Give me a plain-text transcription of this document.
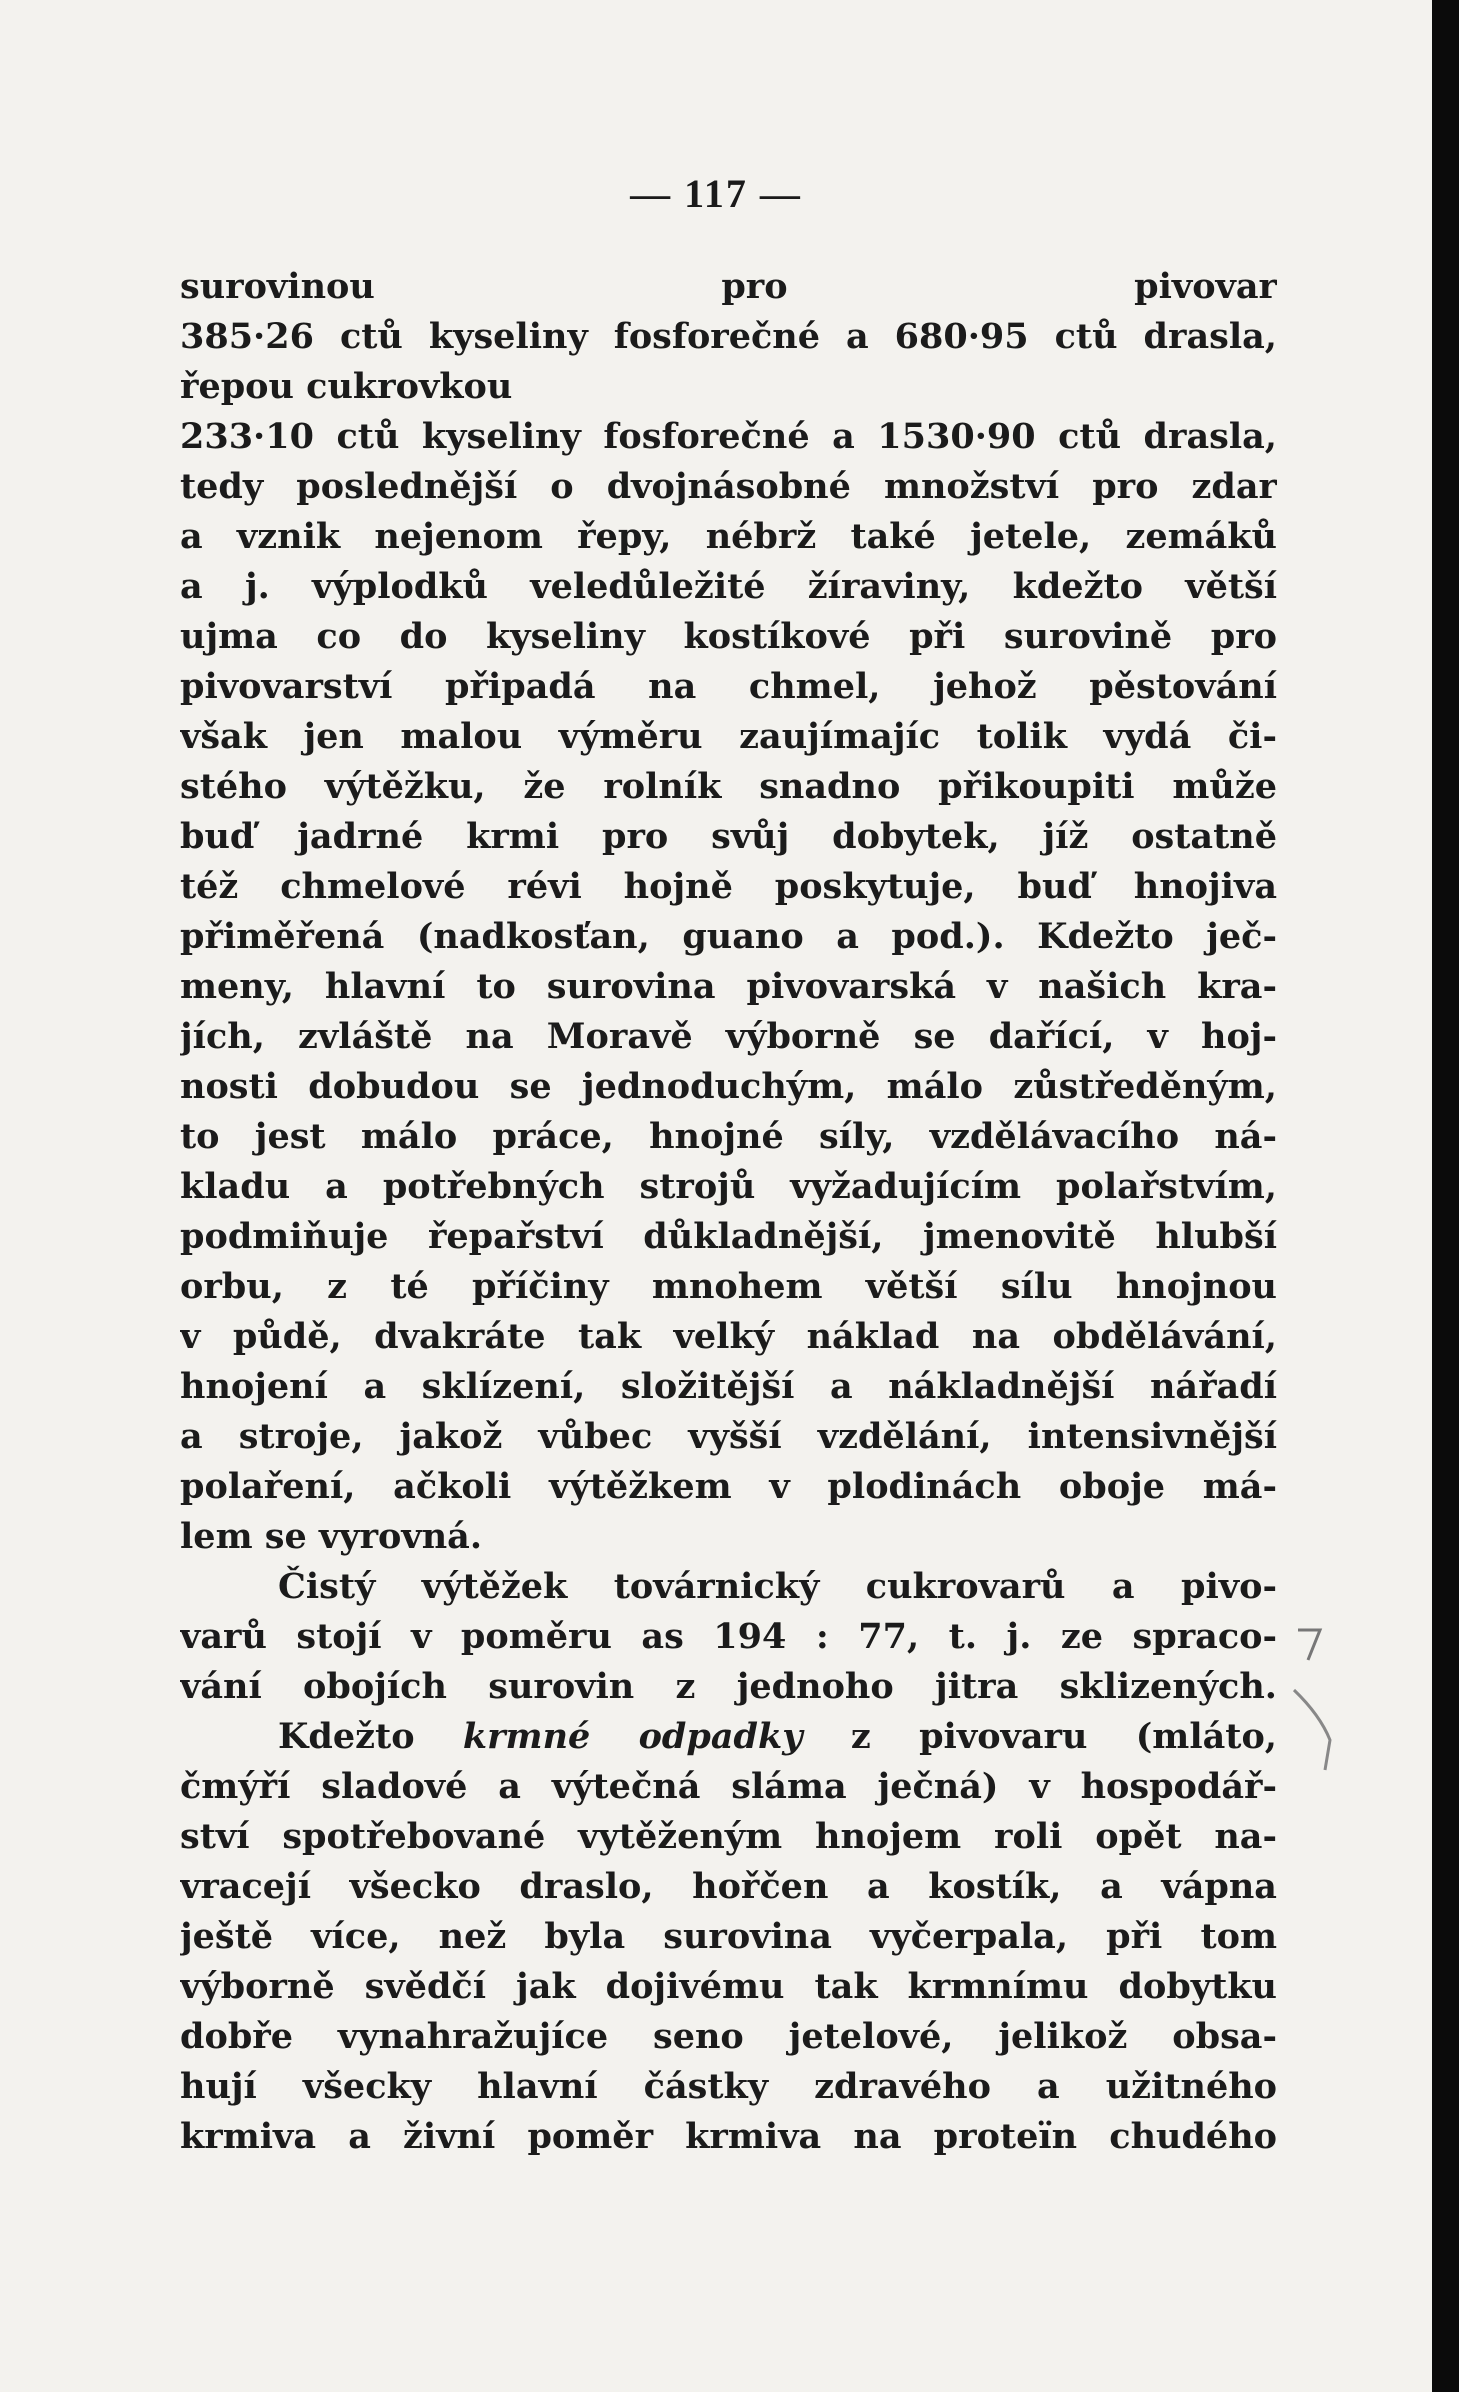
— 117 —
surovinou pro pivovar
385·26 ctů kyseliny fosforečné a 680·95 ctů drasla,
řepou cukrovkou
233·10 ctů kyseliny fosforečné a 1530·90 ctů drasla,
tedy poslednější o dvojnásobné množství pro zdar
a vznik nejenom řepy, nébrž také jetele, zemáků
a j. výplodků veledůležité žíraviny, kdežto větší
ujma co do kyseliny kostíkové při surovině pro
pivovarství připadá na chmel, jehož pěstování
však jen malou výměru zaujímajíc tolik vydá či-
stého výtěžku, že rolník snadno přikoupiti může
buď jadrné krmi pro svůj dobytek, jíž ostatně
též chmelové révi hojně poskytuje, buď hnojiva
přiměřená (nadkosťan, guano a pod.). Kdežto ječ-
meny, hlavní to surovina pivovarská v našich kra-
jích, zvláště na Moravě výborně se dařící, v hoj-
nosti dobudou se jednoduchým, málo zůstředěným,
to jest málo práce, hnojné síly, vzdělávacího ná-
kladu a potřebných strojů vyžadujícím polařstvím,
podmiňuje řepařství důkladnější, jmenovitě hlubší
orbu, z té příčiny mnohem větší sílu hnojnou
v půdě, dvakráte tak velký náklad na obdělávání,
hnojení a sklízení, složitější a nákladnější nářadí
a stroje, jakož vůbec vyšší vzdělání, intensivnější
polaření, ačkoli výtěžkem v plodinách oboje má-
lem se vyrovná.
Čistý výtěžek továrnický cukrovarů a pivo-
varů stojí v poměru as 194 : 77, t. j. ze spraco-
vání obojích surovin z jednoho jitra sklizených.
Kdežto krmné odpadky z pivovaru (mláto,
čmýří sladové a výtečná sláma ječná) v hospodář-
ství spotřebované vytěženým hnojem roli opět na-
vracejí všecko draslo, hořčen a kostík, a vápna
ještě více, než byla surovina vyčerpala, při tom
výborně svědčí jak dojivému tak krmnímu dobytku
dobře vynahražujíce seno jetelové, jelikož obsa-
hují všecky hlavní částky zdravého a užitného
krmiva a živní poměr krmiva na proteïn chudého
